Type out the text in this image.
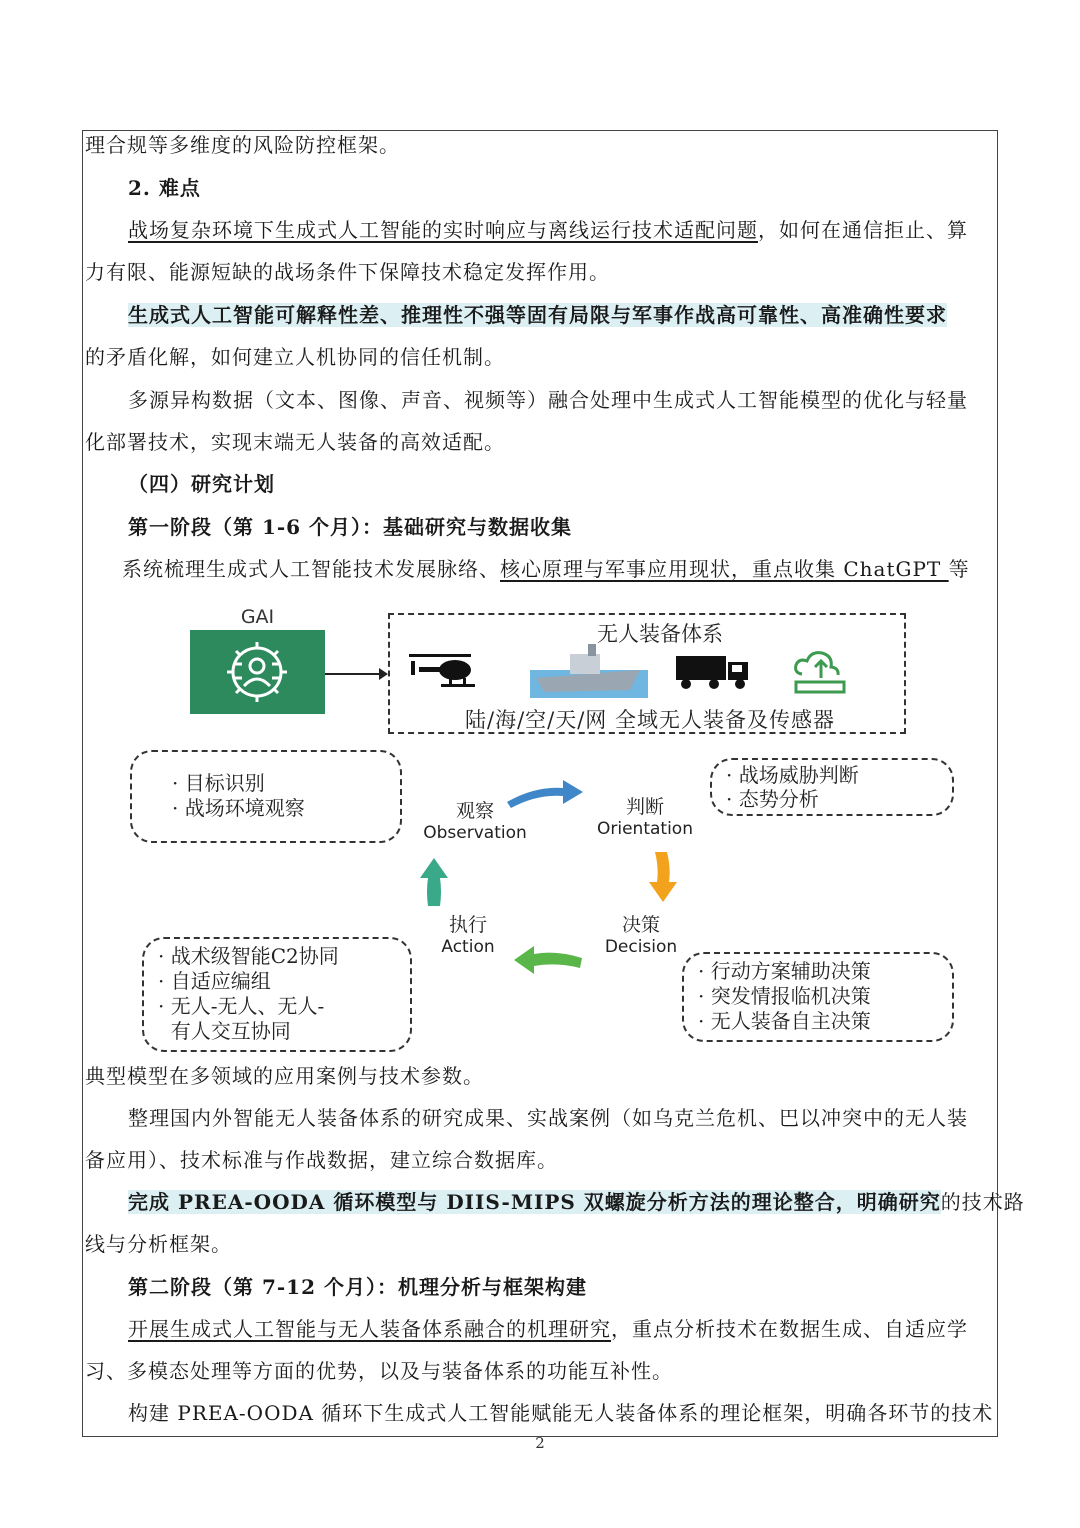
理合规等多维度的风险防控框架。
2. 难点
战场复杂环境下生成式人工智能的实时响应与离线运行技术适配问题，如何在通信拒止、算
力有限、能源短缺的战场条件下保障技术稳定发挥作用。
生成式人工智能可解释性差、推理性不强等固有局限与军事作战高可靠性、高准确性要求
的矛盾化解，如何建立人机协同的信任机制。
多源异构数据（文本、图像、声音、视频等）融合处理中生成式人工智能模型的优化与轻量
化部署技术，实现末端无人装备的高效适配。
（四）研究计划
第一阶段（第 1-6 个月）：基础研究与数据收集
系统梳理生成式人工智能技术发展脉络、核心原理与军事应用现状，重点收集 ChatGPT 等
GAI
无人装备体系
陆/海/空/天/网 全域无人装备及传感器
· 目标识别
· 战场环境观察	观察
Observation
· 战场威胁判断
· 态势分析
判断
Orientation
执行
Action
决策
Decision
· 战术级智能C2协同
· 自适应编组
· 无人-无人、无人-
有人交互协同
· 行动方案辅助决策
· 突发情报临机决策
· 无人装备自主决策
典型模型在多领域的应用案例与技术参数。
整理国内外智能无人装备体系的研究成果、实战案例（如乌克兰危机、巴以冲突中的无人装
备应用）、技术标准与作战数据，建立综合数据库。
完成 PREA-OODA 循环模型与 DIIS-MIPS 双螺旋分析方法的理论整合，明确研究的技术路
线与分析框架。
第二阶段（第 7-12 个月）：机理分析与框架构建
开展生成式人工智能与无人装备体系融合的机理研究，重点分析技术在数据生成、自适应学
习、多模态处理等方面的优势，以及与装备体系的功能互补性。
构建 PREA-OODA 循环下生成式人工智能赋能无人装备体系的理论框架，明确各环节的技术
2
